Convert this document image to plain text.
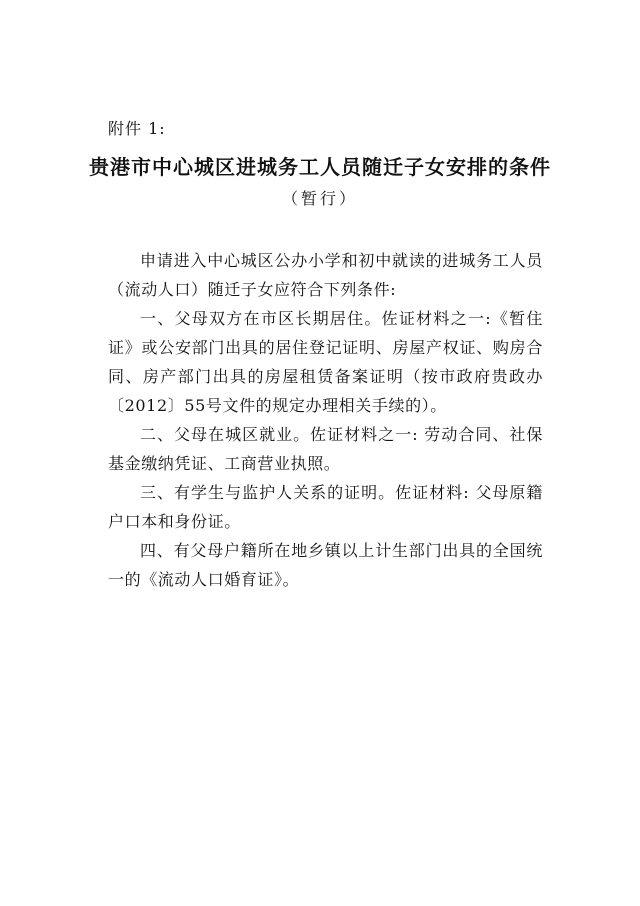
附件 1:
贵港市中心城区进城务工人员随迁子女安排的条件
（暂行）

申请进入中心城区公办小学和初中就读的进城务工人员（流动人口）随迁子女应符合下列条件:

一、父母双方在市区长期居住。佐证材料之一:《暂住证》或公安部门出具的居住登记证明、房屋产权证、购房合同、房产部门出具的房屋租赁备案证明（按市政府贵政办〔2012〕55号文件的规定办理相关手续的）。

二、父母在城区就业。佐证材料之一: 劳动合同、社保基金缴纳凭证、工商营业执照。

三、有学生与监护人关系的证明。佐证材料: 父母原籍户口本和身份证。

四、有父母户籍所在地乡镇以上计生部门出具的全国统一的《流动人口婚育证》。
